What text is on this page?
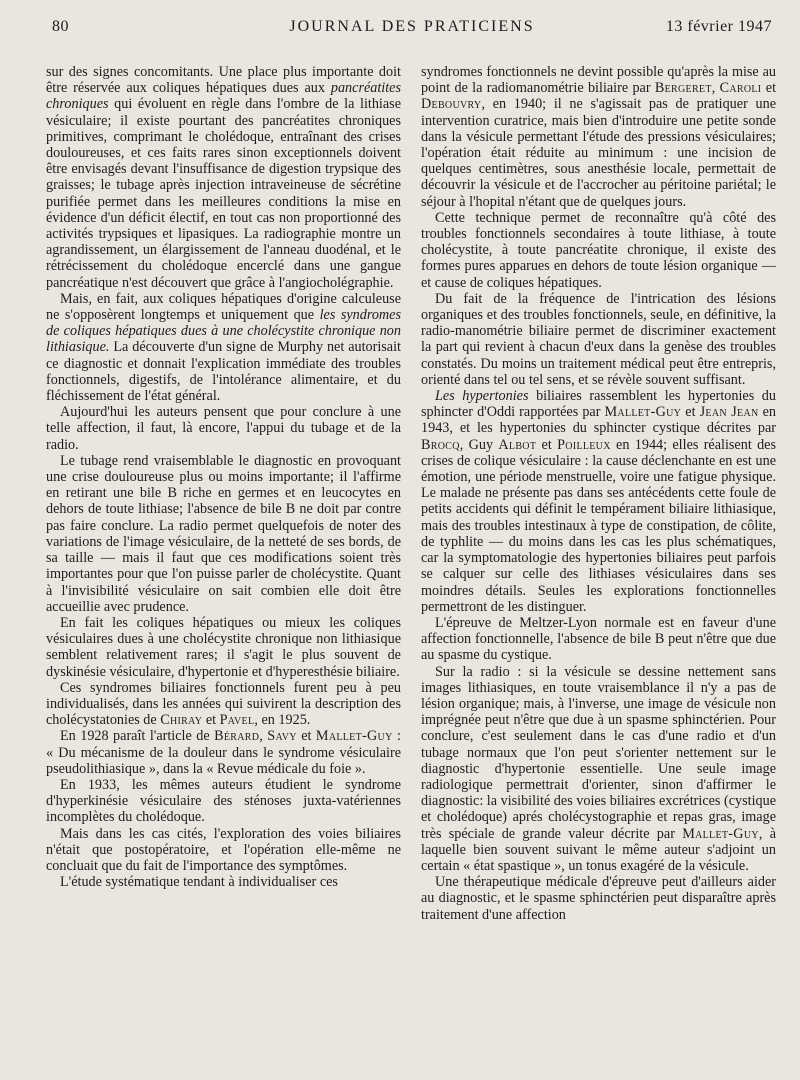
JOURNAL DES PRATICIENS
80	13 février 1947

sur des signes concomitants. Une place plus importante doit être réservée aux coliques hépatiques dues aux pancréatites chroniques qui évoluent en règle dans l'ombre de la lithiase vésiculaire; il existe pourtant des pancréatites chroniques primitives, comprimant le cholédoque, entraînant des crises douloureuses, et ces faits rares sinon exceptionnels doivent être envisagés devant l'insuffisance de digestion trypsique des graisses; le tubage après injection intraveineuse de sécrétine purifiée permet dans les meilleures conditions la mise en évidence d'un déficit électif, en tout cas non proportionné des activités trypsiques et lipasiques. La radiographie montre un agrandissement, un élargissement de l'anneau duodénal, et le rétrécissement du cholédoque encerclé dans une gangue pancréatique n'est découvert que grâce à l'angiocholégraphie.

Mais, en fait, aux coliques hépatiques d'origine calculeuse ne s'opposèrent longtemps et uniquement que les syndromes de coliques hépatiques dues à une cholécystite chronique non lithiasique. La découverte d'un signe de Murphy net autorisait ce diagnostic et donnait l'explication immédiate des troubles fonctionnels, digestifs, de l'intolérance alimentaire, et du fléchissement de l'état général.

Aujourd'hui les auteurs pensent que pour conclure à une telle affection, il faut, là encore, l'appui du tubage et de la radio.

Le tubage rend vraisemblable le diagnostic en provoquant une crise douloureuse plus ou moins importante; il l'affirme en retirant une bile B riche en germes et en leucocytes en dehors de toute lithiase; l'absence de bile B ne doit par contre pas faire conclure. La radio permet quelquefois de noter des variations de l'image vésiculaire, de la netteté de ses bords, de sa taille — mais il faut que ces modifications soient très importantes pour que l'on puisse parler de cholécystite. Quant à l'invisibilité vésiculaire on sait combien elle doit être accueillie avec prudence.

En fait les coliques hépatiques ou mieux les coliques vésiculaires dues à une cholécystite chronique non lithiasique semblent relativement rares; il s'agit le plus souvent de dyskinésie vésiculaire, d'hypertonie et d'hyperesthésie biliaire.

Ces syndromes biliaires fonctionnels furent peu à peu individualisés, dans les années qui suivirent la description des cholécystatonies de Chiray et Pavel, en 1925.

En 1928 paraît l'article de Bérard, Savy et Mallet-Guy : « Du mécanisme de la douleur dans le syndrome vésiculaire pseudolithiasique », dans la « Revue médicale du foie ».

En 1933, les mêmes auteurs étudient le syndrome d'hyperkinésie vésiculaire des sténoses juxta-vatériennes incomplètes du cholédoque.

Mais dans les cas cités, l'exploration des voies biliaires n'était que postopératoire, et l'opération elle-même ne concluait que du fait de l'importance des symptômes.

L'étude systématique tendant à individualiser ces

syndromes fonctionnels ne devint possible qu'après la mise au point de la radiomanométrie biliaire par Bergeret, Caroli et Debouvry, en 1940; il ne s'agissait pas de pratiquer une intervention curatrice, mais bien d'introduire une petite sonde dans la vésicule permettant l'étude des pressions vésiculaires; l'opération était réduite au minimum : une incision de quelques centimètres, sous anesthésie locale, permettait de découvrir la vésicule et de l'accrocher au péritoine pariétal; le séjour à l'hopital n'étant que de quelques jours.

Cette technique permet de reconnaître qu'à côté des troubles fonctionnels secondaires à toute lithiase, à toute cholécystite, à toute pancréatite chronique, il existe des formes pures apparues en dehors de toute lésion organique — et cause de coliques hépatiques.

Du fait de la fréquence de l'intrication des lésions organiques et des troubles fonctionnels, seule, en définitive, la radio-manométrie biliaire permet de discriminer exactement la part qui revient à chacun d'eux dans la genèse des troubles constatés. Du moins un traitement médical peut être entrepris, orienté dans tel ou tel sens, et se révèle souvent suffisant.

Les hypertonies biliaires rassemblent les hypertonies du sphincter d'Oddi rapportées par Mallet-Guy et Jean Jean en 1943, et les hypertonies du sphincter cystique décrites par Brocq, Guy Albot et Poilleux en 1944; elles réalisent des crises de colique vésiculaire : la cause déclenchante en est une émotion, une période menstruelle, voire une fatigue physique. Le malade ne présente pas dans ses antécédents cette foule de petits accidents qui définit le tempérament biliaire lithiasique, mais des troubles intestinaux à type de constipation, de côlite, de typhlite — du moins dans les cas les plus schématiques, car la symptomatologie des hypertonies biliaires peut parfois se calquer sur celle des lithiases vésiculaires dans ses moindres détails. Seules les explorations fonctionnelles permettront de les distinguer.

L'épreuve de Meltzer-Lyon normale est en faveur d'une affection fonctionnelle, l'absence de bile B peut n'être que due au spasme du cystique.

Sur la radio : si la vésicule se dessine nettement sans images lithiasiques, en toute vraisemblance il n'y a pas de lésion organique; mais, à l'inverse, une image de vésicule non imprégnée peut n'être que due à un spasme sphinctérien. Pour conclure, c'est seulement dans le cas d'une radio et d'un tubage normaux que l'on peut s'orienter nettement sur le diagnostic d'hypertonie essentielle. Une seule image radiologique permettrait d'orienter, sinon d'affirmer le diagnostic: la visibilité des voies biliaires excrétrices (cystique et cholédoque) aprés cholécystographie et repas gras, image très spéciale de grande valeur décrite par Mallet-Guy, à laquelle bien souvent suivant le même auteur s'adjoint un certain « état spastique », un tonus exagéré de la vésicule.

Une thérapeutique médicale d'épreuve peut d'ailleurs aider au diagnostic, et le spasme sphinctérien peut disparaître après traitement d'une affection
